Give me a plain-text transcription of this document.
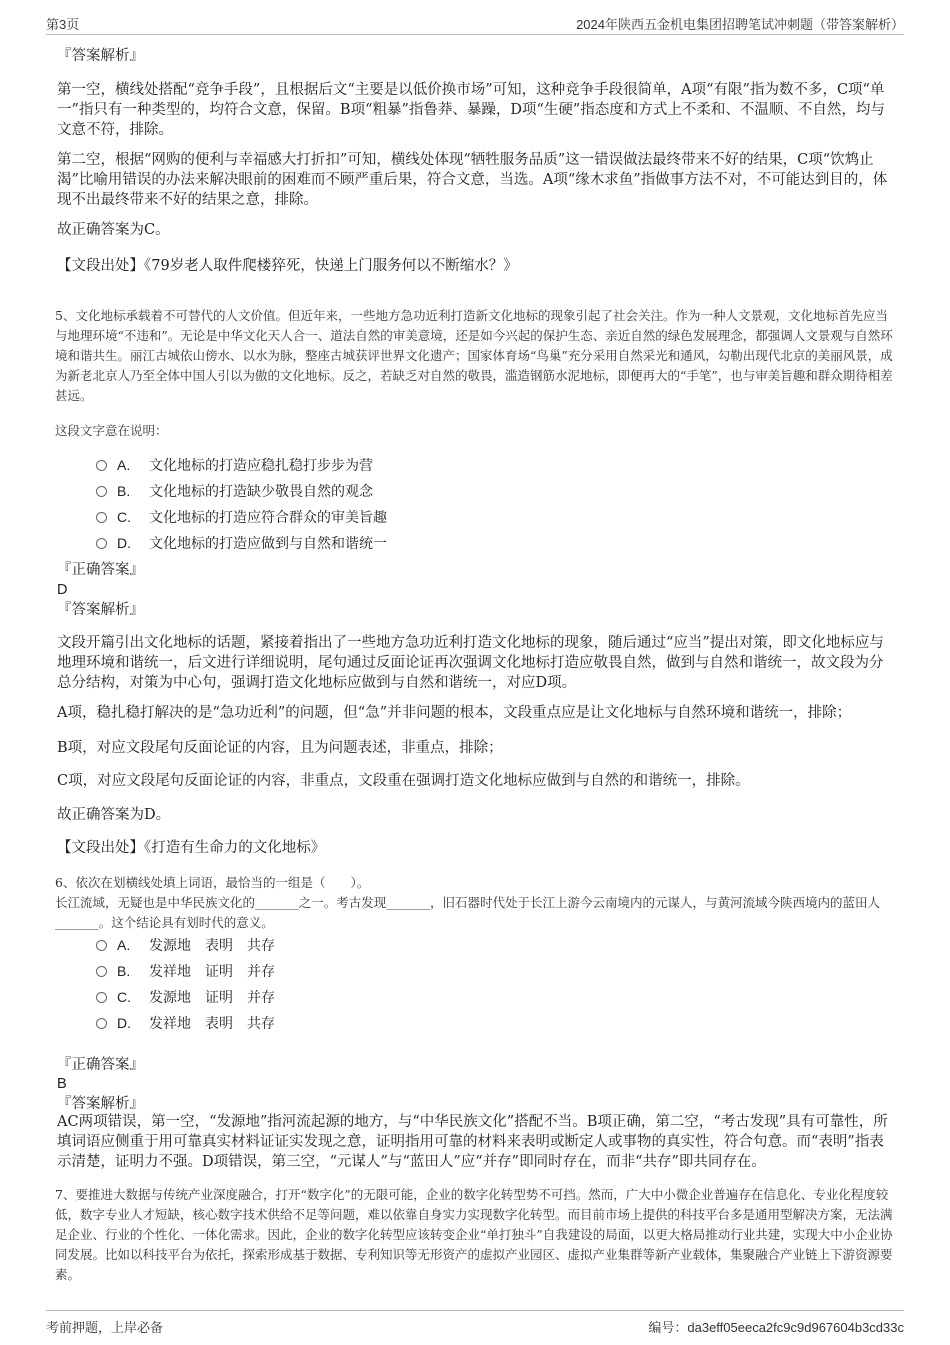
第3页	2024年陕西五金机电集团招聘笔试冲刺题（带答案解析）
『答案解析』
第一空，横线处搭配“竞争手段”，且根据后文“主要是以低价换市场”可知，这种竞争手段很简单，A项“有限”指为数不多，C项“单一”指只有一种类型的，均符合文意，保留。B项“粗暴”指鲁莽、暴躁，D项“生硬”指态度和方式上不柔和、不温顺、不自然，均与文意不符，排除。
第二空，根据“网购的便利与幸福感大打折扣”可知，横线处体现“牺牲服务品质”这一错误做法最终带来不好的结果，C项“饮鸩止渴”比喻用错误的办法来解决眼前的困难而不顾严重后果，符合文意，当选。A项“缘木求鱼”指做事方法不对，不可能达到目的，体现不出最终带来不好的结果之意，排除。
故正确答案为C。
【文段出处】《79岁老人取件爬楼猝死，快递上门服务何以不断缩水？》
5、文化地标承载着不可替代的人文价值。但近年来，一些地方急功近利打造新文化地标的现象引起了社会关注。作为一种人文景观，文化地标首先应当与地理环境“不违和”。无论是中华文化天人合一、道法自然的审美意境，还是如今兴起的保护生态、亲近自然的绿色发展理念，都强调人文景观与自然环境和谐共生。丽江古城依山傍水、以水为脉，整座古城获评世界文化遗产；国家体育场“鸟巢”充分采用自然采光和通风，勾勒出现代北京的美丽风景，成为新老北京人乃至全体中国人引以为傲的文化地标。反之，若缺乏对自然的敬畏，滥造钢筋水泥地标，即便再大的“手笔”，也与审美旨趣和群众期待相差甚远。
这段文字意在说明：
A. 文化地标的打造应稳扎稳打步步为营
B. 文化地标的打造缺少敬畏自然的观念
C. 文化地标的打造应符合群众的审美旨趣
D. 文化地标的打造应做到与自然和谐统一
『正确答案』
D
『答案解析』
文段开篇引出文化地标的话题，紧接着指出了一些地方急功近利打造文化地标的现象，随后通过“应当”提出对策，即文化地标应与地理环境和谐统一，后文进行详细说明，尾句通过反面论证再次强调文化地标打造应敬畏自然，做到与自然和谐统一，故文段为分总分结构，对策为中心句，强调打造文化地标应做到与自然和谐统一，对应D项。
A项，稳扎稳打解决的是“急功近利”的问题，但“急”并非问题的根本，文段重点应是让文化地标与自然环境和谐统一，排除；
B项，对应文段尾句反面论证的内容，且为问题表述，非重点，排除；
C项，对应文段尾句反面论证的内容，非重点，文段重在强调打造文化地标应做到与自然的和谐统一，排除。
故正确答案为D。
【文段出处】《打造有生命力的文化地标》
6、依次在划横线处填上词语，最恰当的一组是（　　）。
长江流域，无疑也是中华民族文化的_______之一。考古发现_______，旧石器时代处于长江上游今云南境内的元谋人，与黄河流域今陕西境内的蓝田人_______。这个结论具有划时代的意义。
A. 发源地　表明　共存
B. 发祥地　证明　并存
C. 发源地　证明　并存
D. 发祥地　表明　共存
『正确答案』
B
『答案解析』
AC两项错误，第一空，“发源地”指河流起源的地方，与“中华民族文化”搭配不当。B项正确，第二空，“考古发现”具有可靠性，所填词语应侧重于用可靠真实材料证证实发现之意，证明指用可靠的材料来表明或断定人或事物的真实性，符合句意。而“表明”指表示清楚，证明力不强。D项错误，第三空，“元谋人”与“蓝田人”应“并存”即同时存在，而非“共存”即共同存在。
7、要推进大数据与传统产业深度融合，打开“数字化”的无限可能，企业的数字化转型势不可挡。然而，广大中小微企业普遍存在信息化、专业化程度较低，数字专业人才短缺，核心数字技术供给不足等问题，难以依靠自身实力实现数字化转型。而目前市场上提供的科技平台多是通用型解决方案，无法满足企业、行业的个性化、一体化需求。因此，企业的数字化转型应该转变企业“单打独斗”自我建设的局面，以更大格局推动行业共建，实现大中小企业协同发展。比如以科技平台为依托，探索形成基于数据、专利知识等无形资产的虚拟产业园区、虚拟产业集群等新产业载体，集聚融合产业链上下游资源要素。
考前押题，上岸必备	编号：da3eff05eeca2fc9c9d967604b3cd33c
